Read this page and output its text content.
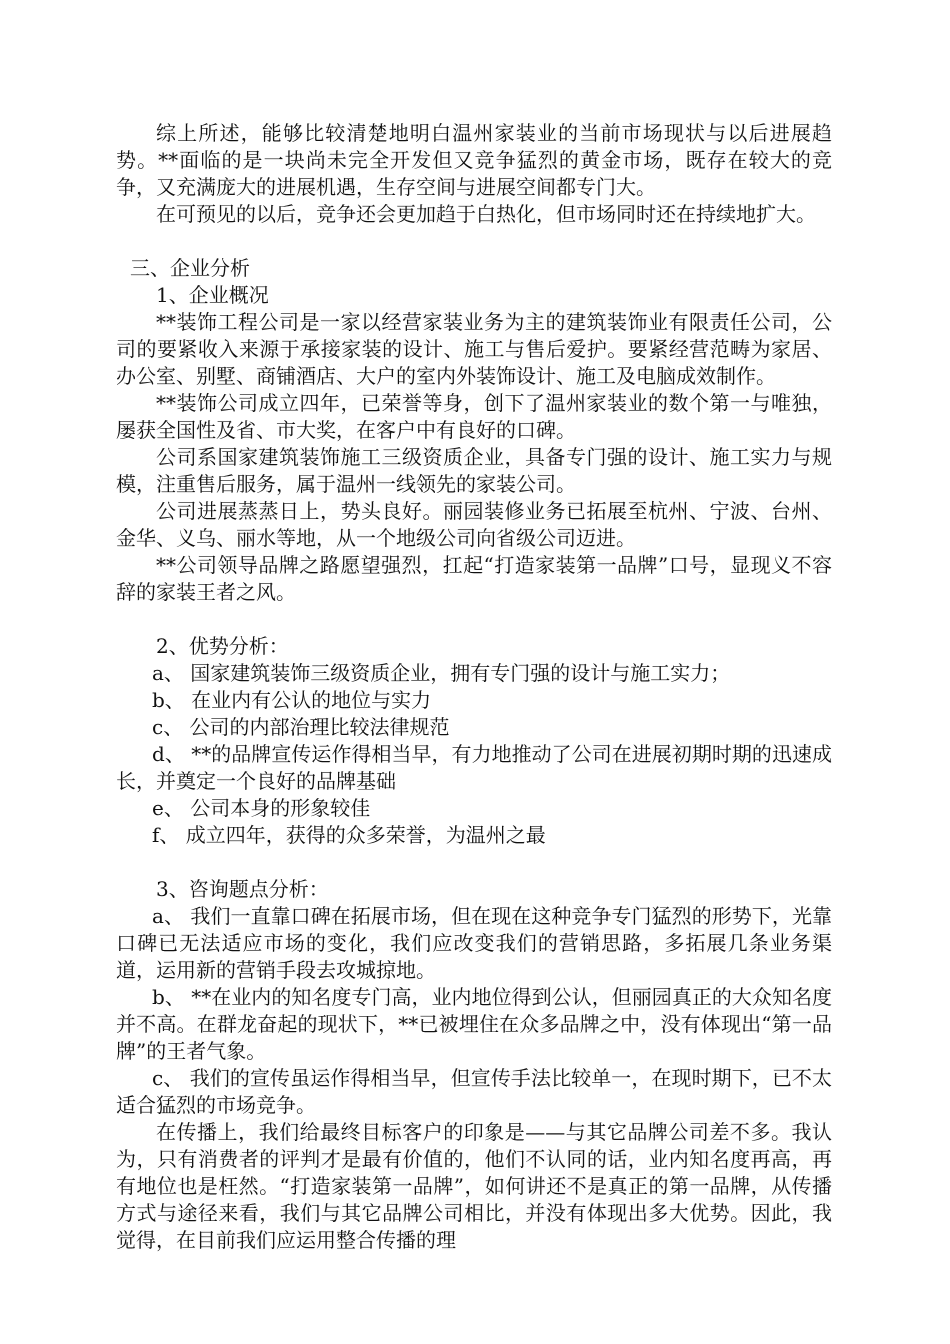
综上所述，能够比较清楚地明白温州家装业的当前市场现状与以后进展趋势。**面临的是一块尚未完全开发但又竞争猛烈的黄金市场，既存在较大的竞争，又充满庞大的进展机遇，生存空间与进展空间都专门大。

在可预见的以后，竞争还会更加趋于白热化，但市场同时还在持续地扩大。

三、企业分析

1、企业概况

**装饰工程公司是一家以经营家装业务为主的建筑装饰业有限责任公司，公司的要紧收入来源于承接家装的设计、施工与售后爱护。要紧经营范畴为家居、办公室、别墅、商铺酒店、大户的室内外装饰设计、施工及电脑成效制作。

**装饰公司成立四年，已荣誉等身，创下了温州家装业的数个第一与唯独，屡获全国性及省、市大奖，在客户中有良好的口碑。

公司系国家建筑装饰施工三级资质企业，具备专门强的设计、施工实力与规模，注重售后服务，属于温州一线领先的家装公司。

公司进展蒸蒸日上，势头良好。丽园装修业务已拓展至杭州、宁波、台州、金华、义乌、丽水等地，从一个地级公司向省级公司迈进。

**公司领导品牌之路愿望强烈，扛起“打造家装第一品牌”口号，显现义不容辞的家装王者之风。

2、优势分析：

a、 国家建筑装饰三级资质企业，拥有专门强的设计与施工实力；

b、 在业内有公认的地位与实力

c、 公司的内部治理比较法律规范

d、 **的品牌宣传运作得相当早，有力地推动了公司在进展初期时期的迅速成长，并奠定一个良好的品牌基础

e、 公司本身的形象较佳

f、 成立四年，获得的众多荣誉，为温州之最

3、咨询题点分析：

a、 我们一直靠口碑在拓展市场，但在现在这种竞争专门猛烈的形势下，光靠口碑已无法适应市场的变化，我们应改变我们的营销思路，多拓展几条业务渠道，运用新的营销手段去攻城掠地。

b、 **在业内的知名度专门高，业内地位得到公认，但丽园真正的大众知名度并不高。在群龙奋起的现状下，**已被埋住在众多品牌之中，没有体现出“第一品牌”的王者气象。

c、 我们的宣传虽运作得相当早，但宣传手法比较单一，在现时期下，已不太适合猛烈的市场竞争。

在传播上，我们给最终目标客户的印象是——与其它品牌公司差不多。我认为，只有消费者的评判才是最有价值的，他们不认同的话，业内知名度再高，再有地位也是枉然。“打造家装第一品牌”，如何讲还不是真正的第一品牌，从传播方式与途径来看，我们与其它品牌公司相比，并没有体现出多大优势。因此，我觉得，在目前我们应运用整合传播的理
